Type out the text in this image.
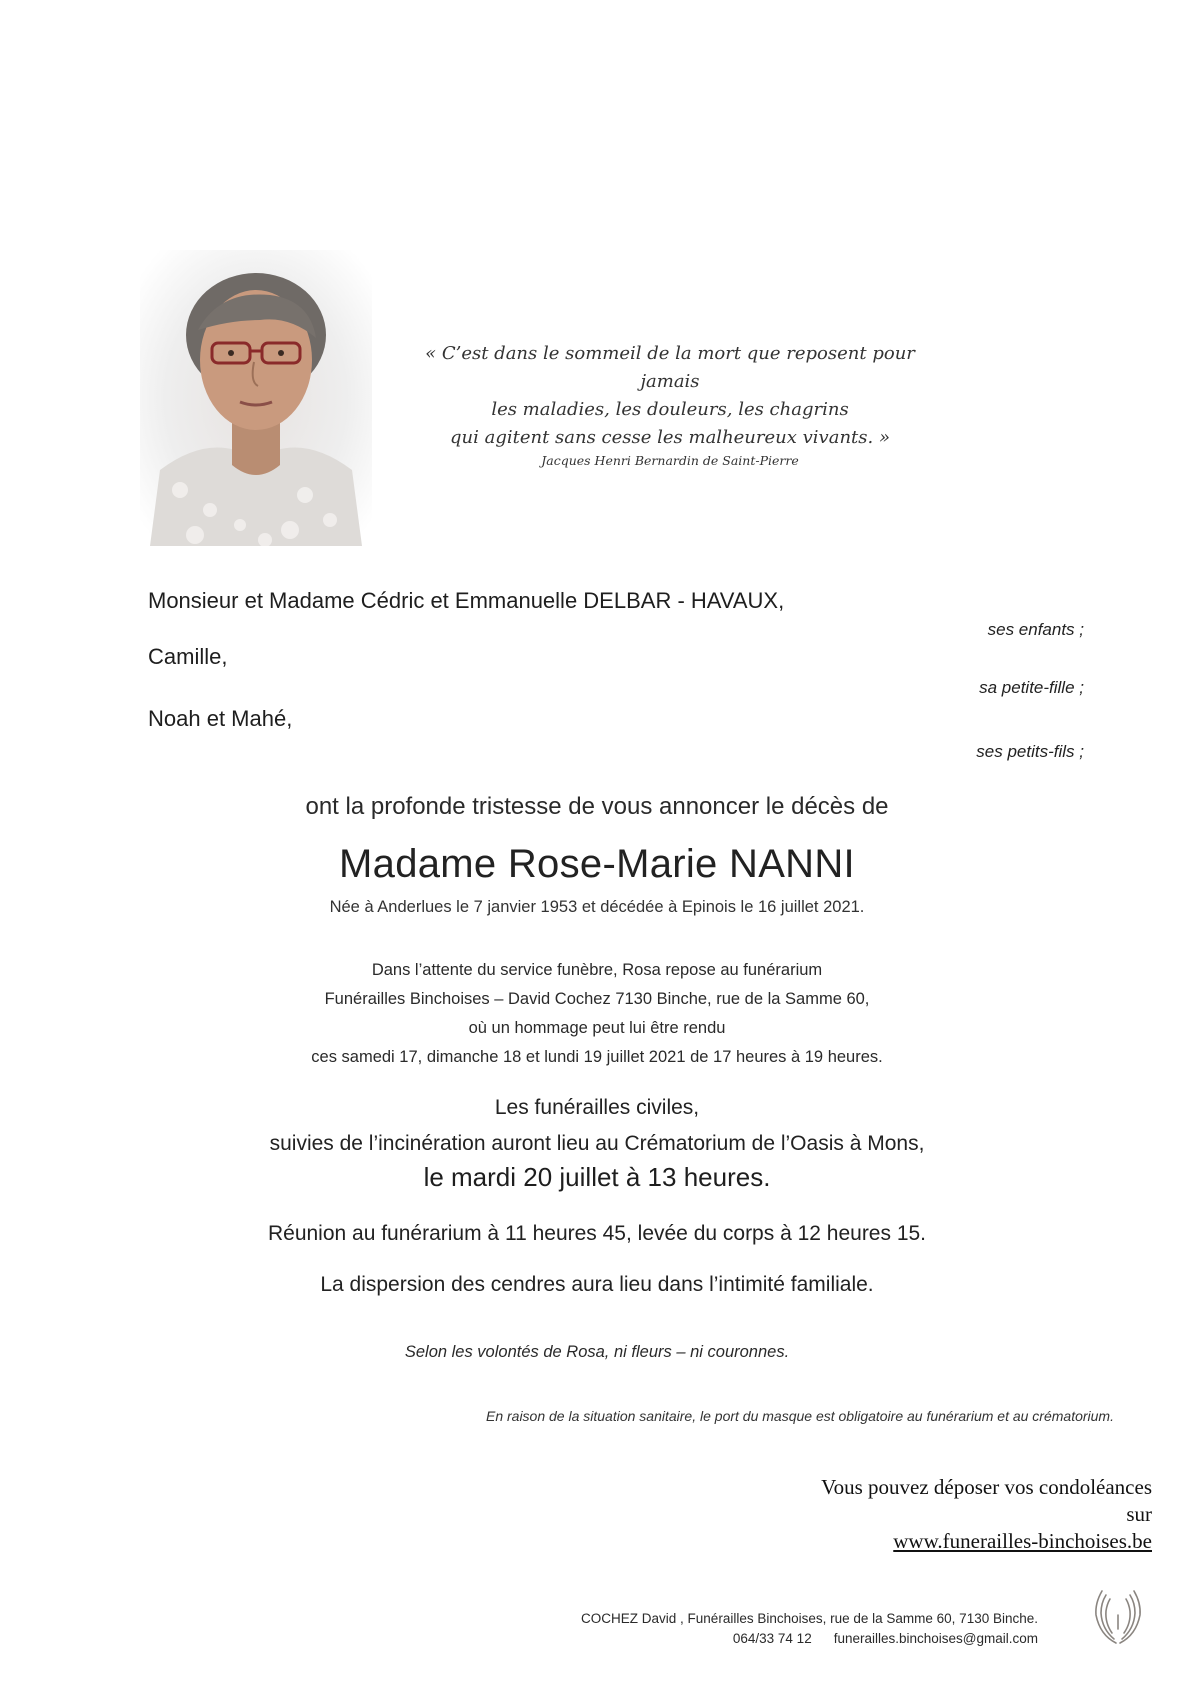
« C’est dans le sommeil de la mort que reposent pour jamais
les maladies, les douleurs, les chagrins
qui agitent sans cesse les malheureux vivants. »
Jacques Henri Bernardin de Saint-Pierre
Monsieur et Madame Cédric et Emmanuelle DELBAR - HAVAUX,
ses enfants ;
Camille,
sa petite-fille ;
Noah et Mahé,
ses petits-fils ;
ont la profonde tristesse de vous annoncer le décès de
Madame Rose-Marie NANNI
Née à Anderlues le 7 janvier 1953 et décédée à Epinois le 16 juillet 2021.
Dans l’attente du service funèbre, Rosa repose au funérarium
Funérailles Binchoises – David Cochez 7130 Binche, rue de la Samme 60,
où un hommage peut lui être rendu
ces samedi 17, dimanche 18 et lundi 19 juillet 2021 de 17 heures à 19 heures.
Les funérailles civiles,
suivies de l’incinération auront lieu au Crématorium de l’Oasis à Mons,
le mardi 20 juillet à 13 heures.
Réunion au funérarium à 11 heures 45, levée du corps à 12 heures 15.
La dispersion des cendres aura lieu dans l’intimité familiale.
Selon les volontés de Rosa, ni fleurs – ni couronnes.
En raison de la situation sanitaire, le port du masque est obligatoire au funérarium et au crématorium.
Vous pouvez déposer vos condoléances
sur
www.funerailles-binchoises.be
COCHEZ David , Funérailles Binchoises, rue de la Samme 60, 7130 Binche.
064/33 74 12 funerailles.binchoises@gmail.com
